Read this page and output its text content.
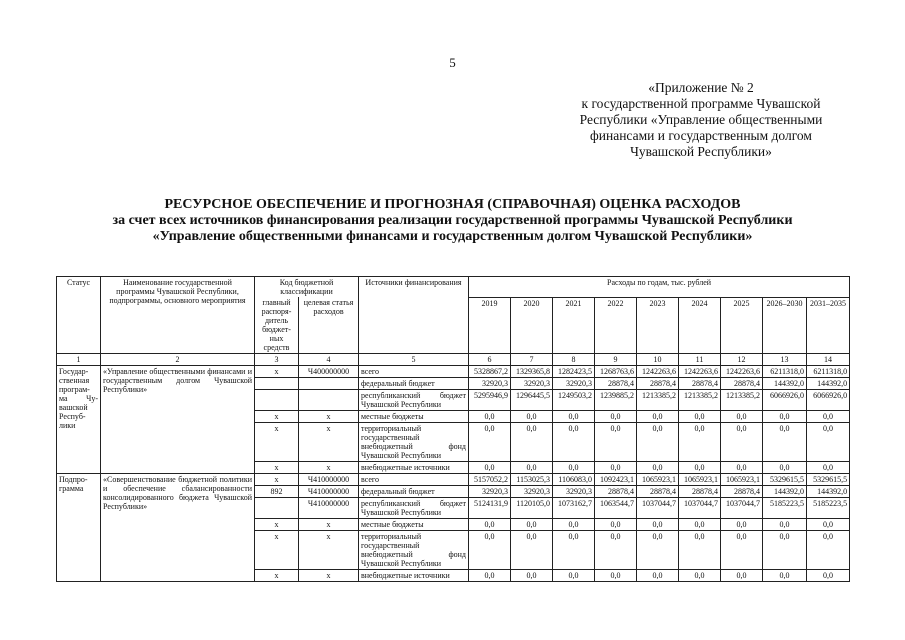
5
«Приложение № 2
к государственной программе Чувашской
Республики «Управление общественными
финансами и государственным долгом
Чувашской Республики»
РЕСУРСНОЕ ОБЕСПЕЧЕНИЕ И ПРОГНОЗНАЯ (СПРАВОЧНАЯ) ОЦЕНКА РАСХОДОВ
за счет всех источников финансирования реализации государственной программы Чувашской Республики
«Управление общественными финансами и государственным долгом Чувашской Республики»
Статус	Наименование государственной программы Чувашской Республики, подпрограммы, основного мероприятия	Код бюджетной классификации		Источники финансирования	Расходы по годам, тыс. рублей								
		главный распоря-дитель бюджет-ных средств	целевая статья расходов		2019	2020	2021	2022	2023	2024	2025	2026–2030	2031–2035

1	2	3	4	5	6	7	8	9	10	11	12	13	14
Государ-ственная програм-ма Чу-вашской Респуб-лики	«Управление общественными финансами и государственным долгом Чувашской Республики»	х	Ч400000000	всего	5328867,2	1329365,8	1282423,5	1268763,6	1242263,6	1242263,6	1242263,6	6211318,0	6211318,0
				федеральный бюджет	32920,3	32920,3	32920,3	28878,4	28878,4	28878,4	28878,4	144392,0	144392,0
				республиканский бюджет Чувашской Республики	5295946,9	1296445,5	1249503,2	1239885,2	1213385,2	1213385,2	1213385,2	6066926,0	6066926,0
		х	х	местные бюджеты	0,0	0,0	0,0	0,0	0,0	0,0	0,0	0,0	0,0
		х	х	территориальный государственный внебюджетный фонд Чувашской Республики	0,0	0,0	0,0	0,0	0,0	0,0	0,0	0,0	0,0
		х	х	внебюджетные источники	0,0	0,0	0,0	0,0	0,0	0,0	0,0	0,0	0,0
Подпро-грамма	«Совершенствование бюджетной политики и обеспечение сбалансированности консолидированного бюджета Чувашской Республики»	х	Ч410000000	всего	5157052,2	1153025,3	1106083,0	1092423,1	1065923,1	1065923,1	1065923,1	5329615,5	5329615,5
		892	Ч410000000	федеральный бюджет	32920,3	32920,3	32920,3	28878,4	28878,4	28878,4	28878,4	144392,0	144392,0
			Ч410000000	республиканский бюджет Чувашской Республики	5124131,9	1120105,0	1073162,7	1063544,7	1037044,7	1037044,7	1037044,7	5185223,5	5185223,5
		х	х	местные бюджеты	0,0	0,0	0,0	0,0	0,0	0,0	0,0	0,0	0,0
		х	х	территориальный государственный внебюджетный фонд Чувашской Республики	0,0	0,0	0,0	0,0	0,0	0,0	0,0	0,0	0,0
		х	х	внебюджетные источники	0,0	0,0	0,0	0,0	0,0	0,0	0,0	0,0	0,0
